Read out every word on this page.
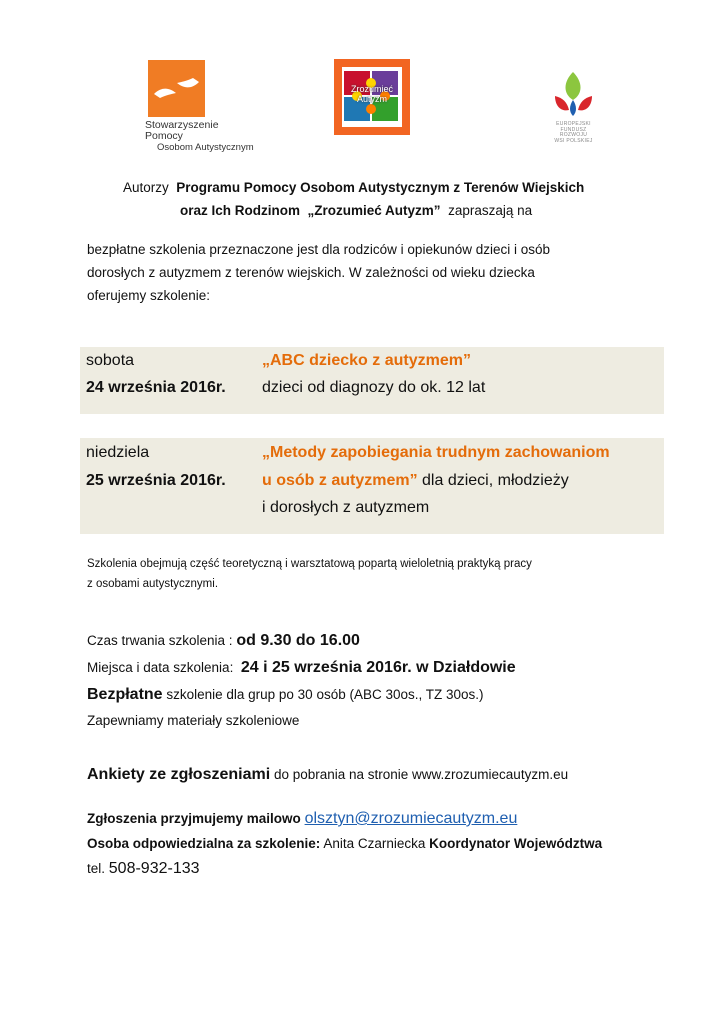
Stowarzyszenie Pomocy
Osobom Autystycznym
Zrozumieć
Autyzm
EUROPEJSKI
FUNDUSZ
ROZWOJU
WSI POLSKIEJ
Autorzy Programu Pomocy Osobom Autystycznym z Terenów Wiejskich
oraz Ich Rodzinom „Zrozumieć Autyzm” zapraszają na
bezpłatne szkolenia przeznaczone jest dla rodziców i opiekunów dzieci i osób
dorosłych z autyzmem z terenów wiejskich. W zależności od wieku dziecka
oferujemy szkolenie:
sobota
24 września 2016r.
„ABC dziecko z autyzmem”
dzieci od diagnozy do ok. 12 lat
niedziela
25 września 2016r.
„Metody zapobiegania trudnym zachowaniom
u osób z autyzmem” dla dzieci, młodzieży
i dorosłych z autyzmem
Szkolenia obejmują część teoretyczną i warsztatową popartą wieloletnią praktyką pracy
z osobami autystycznymi.
Czas trwania szkolenia : od 9.30 do 16.00
Miejsca i data szkolenia: 24 i 25 września 2016r. w Działdowie
Bezpłatne szkolenie dla grup po 30 osób (ABC 30os., TZ 30os.)
Zapewniamy materiały szkoleniowe
Ankiety ze zgłoszeniami do pobrania na stronie www.zrozumiecautyzm.eu
Zgłoszenia przyjmujemy mailowo olsztyn@zrozumiecautyzm.eu
Osoba odpowiedzialna za szkolenie: Anita Czarniecka Koordynator Województwa
tel. 508-932-133
